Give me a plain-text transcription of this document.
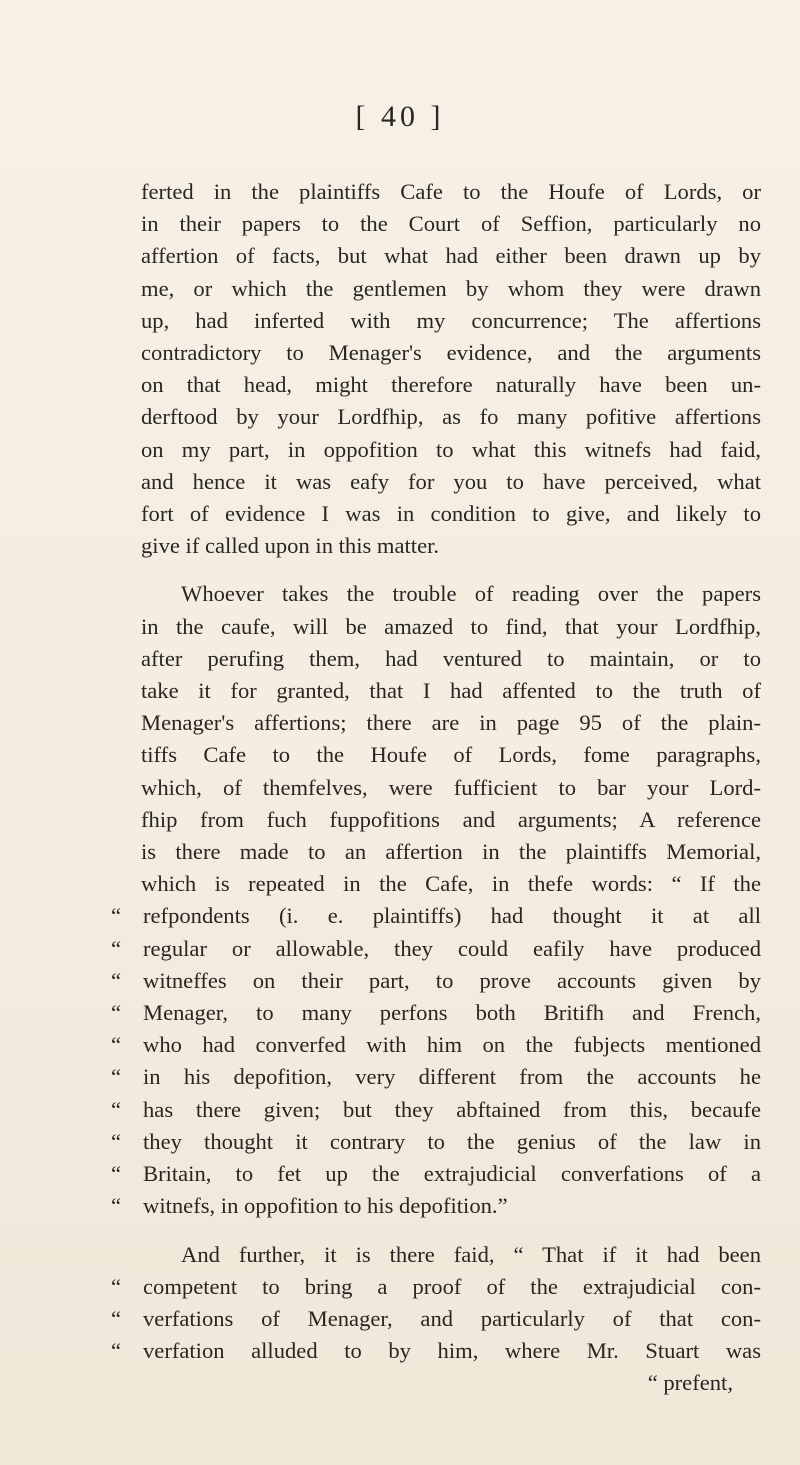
[ 40 ]
ferted in the plaintiffs Cafe to the Houfe of Lords, or
in their papers to the Court of Seffion, particularly no
affertion of facts, but what had either been drawn up by
me, or which the gentlemen by whom they were drawn
up, had inferted with my concurrence; The affertions
contradictory to Menager's evidence, and the arguments
on that head, might therefore naturally have been un-
derftood by your Lordfhip, as fo many pofitive affertions
on my part, in oppofition to what this witnefs had faid,
and hence it was eafy for you to have perceived, what
fort of evidence I was in condition to give, and likely to
give if called upon in this matter.
Whoever takes the trouble of reading over the papers
in the caufe, will be amazed to find, that your Lordfhip,
after perufing them, had ventured to maintain, or to
take it for granted, that I had affented to the truth of
Menager's affertions; there are in page 95 of the plain-
tiffs Cafe to the Houfe of Lords, fome paragraphs,
which, of themfelves, were fufficient to bar your Lord-
fhip from fuch fuppofitions and arguments; A reference
is there made to an affertion in the plaintiffs Memorial,
which is repeated in the Cafe, in thefe words: “ If the
“ refpondents (i. e. plaintiffs) had thought it at all
“ regular or allowable, they could eafily have produced
“ witneffes on their part, to prove accounts given by
“ Menager, to many perfons both Britifh and French,
“ who had converfed with him on the fubjects mentioned
“ in his depofition, very different from the accounts he
“ has there given; but they abftained from this, becaufe
“ they thought it contrary to the genius of the law in
“ Britain, to fet up the extrajudicial converfations of a
“ witnefs, in oppofition to his depofition.”
And further, it is there faid, “ That if it had been
“ competent to bring a proof of the extrajudicial con-
“ verfations of Menager, and particularly of that con-
“ verfation alluded to by him, where Mr. Stuart was
“ prefent,
